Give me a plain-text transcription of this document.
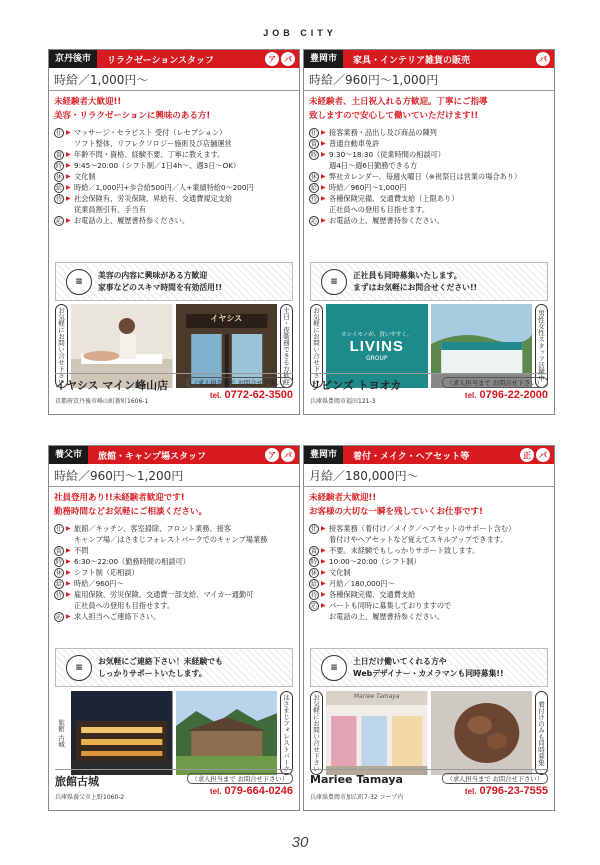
JOB CITY
京丹後市	リラクゼーションスタッフ	ア	パ
時給／1,000円〜
未経験者大歓迎!!
美容・リラクゼーションに興味のある方!
仕 ▶ マッサージ・セラピスト 受付（レセプション）
ソフト整体、リフレクソロジー施術及び店舗運営
資 ▶ 年齢不問・資格、経験不要、丁寧に教えます。
時 ▶ 9:45〜20:00（シフト制／1日4h〜、週3日〜OK）
休 ▶ 文化制
給 ▶ 時給／1,000円+歩合給500円／人+業績特給0〜200円
待 ▶ 社会保険有、労災保険、昇給有、交通費規定支給
従業員割引有、手当有
応 ▶ お電話の上、履歴書持参ください。
≡
美容の内容に興味がある方歓迎
家事などのスキマ時間を有効活用!!
お気軽にお問い合せ下さい	イヤシス	土日・夜勤務できる方歓迎
イヤシス マイン峰山店
京都府京丹後市峰山町新町1606-1
（求人担当まで お問合せ下さい）
tel. 0772-62-3500
豊岡市	家具・インテリア雑貨の販売	パ
時給／960円〜1,000円
未経験者、土日祝入れる方歓迎。丁寧にご指導
致しますので安心して働いていただけます!!
仕 ▶ 接客業務・品出し及び商品の陳列
資 ▶ 普通自動車免許
時 ▶ 9:30〜18:30（従業時間の相談可）
週4日〜週6日勤務できる方
休 ▶ 弊社カレンダー、毎週火曜日（※祝祭日は営業の場合あり）
給 ▶ 時給／960円〜1,000円
待 ▶ 各種保険完備、交通費支給（上限あり）
正社員への登用も目指せます。
応 ▶ お電話の上、履歴書持参ください。
≡
正社員も同時募集いたします。
まずはお気軽にお問合せください!!
お気軽にお問い合せ下さい	ホシイモノが、買いやすく。
LIVINS
GROUP	男性女性スタッフ活躍中
リビンズ トヨオカ
兵庫県豊岡市福田121-3
（求人担当まで お問合せ下さい）
tel. 0796-22-2000
養父市	旅館・キャンプ場スタッフ	ア	パ
時給／960円〜1,200円
社員登用あり!!未経験者歓迎です!
勤務時間などお気軽にご相談ください。
仕 ▶ 旅館／キッチン、客室掃除、フロント業務、接客
キャンプ場／はさまじフォレストパークでのキャンプ場業務
資 ▶ 不問
時 ▶ 6:30〜22:00（勤務時間の相談可）
休 ▶ シフト制（応相談）
給 ▶ 時給／960円〜
待 ▶ 雇用保険、労災保険、交通費一部支給、マイカー通勤可
正社員への登用も目指せます。
応 ▶ 求人担当へご連絡下さい。
≡
お気軽にご連絡下さい！未経験でも
しっかりサポートいたします。
旅館 古城	はさまじフォレストパーク
旅館古城
兵庫県養父市上野1060-2
（求人担当まで お問合せ下さい）
tel. 079-664-0246
豊岡市	着付・メイク・ヘアセット等	正	パ
月給／180,000円〜
未経験者大歓迎!!
お客様の大切な一瞬を残していくお仕事です!
仕 ▶ 接客業務（着付け／メイク／ヘアセットのサポート含む）
着付けやヘアセットなど覚えてスキルアップできます。
資 ▶ 不要。未経験でもしっかりサポート致します。
時 ▶ 10:00〜20:00（シフト制）
休 ▶ 文化制
給 ▶ 月給／180,000円〜
待 ▶ 各種保険完備、交通費支給
応 ▶ パートも同時に募集しておりますので
お電話の上、履歴書持参ください。
≡
土日だけ働いてくれる方や
Webデザイナー・カメラマンも同時募集!!
お気軽にお問い合せ下さい	Mariee Tamaya
着付けのみも同時募集
Mariee Tamaya
兵庫県豊岡市加広町7-32 コープ内
（求人担当まで お問合せ下さい）
tel. 0796-23-7555
30
